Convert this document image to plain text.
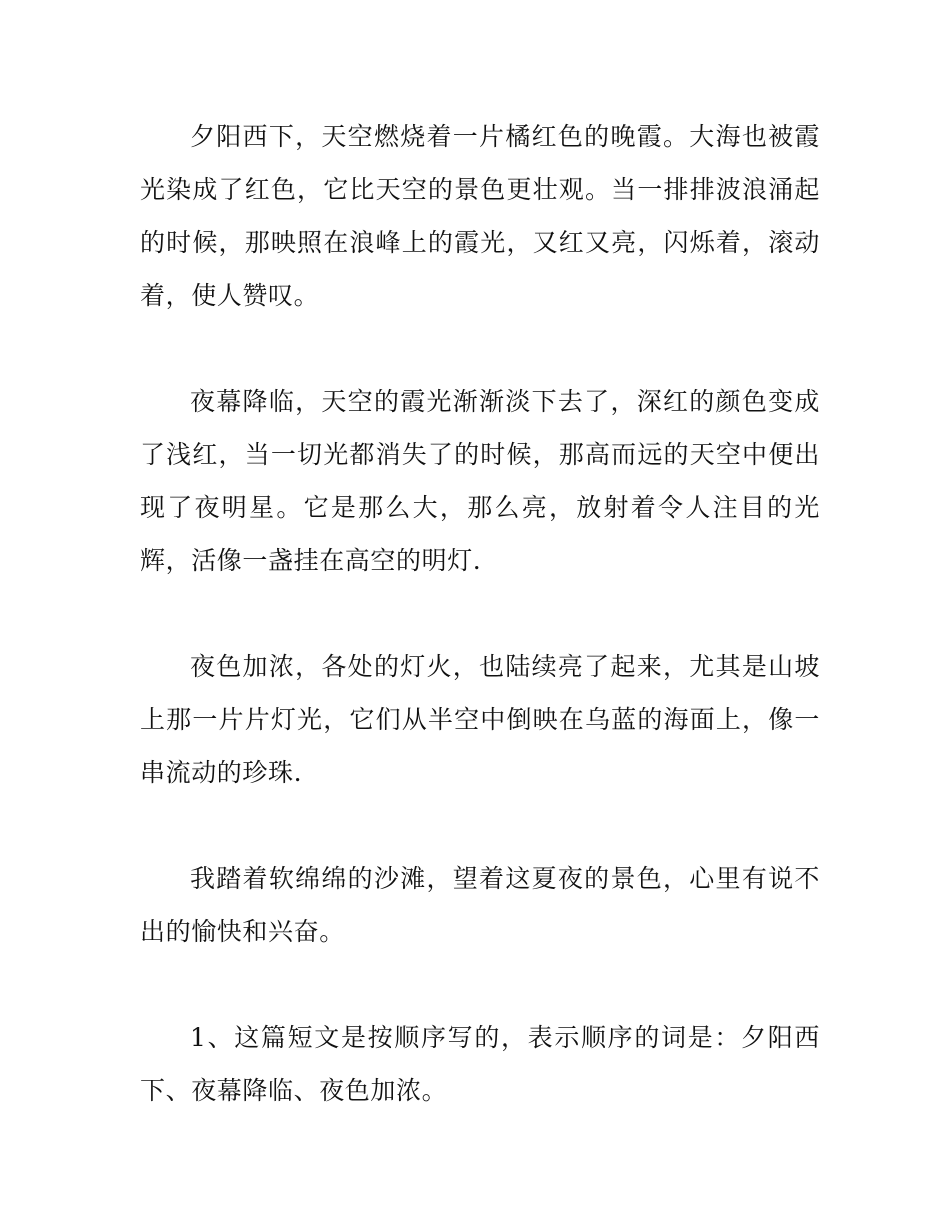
夕阳西下，天空燃烧着一片橘红色的晚霞。大海也被霞光染成了红色，它比天空的景色更壮观。当一排排波浪涌起的时候，那映照在浪峰上的霞光，又红又亮，闪烁着，滚动着，使人赞叹。

夜幕降临，天空的霞光渐渐淡下去了，深红的颜色变成了浅红，当一切光都消失了的时候，那高而远的天空中便出现了夜明星。它是那么大，那么亮，放射着令人注目的光辉，活像一盏挂在高空的明灯.

夜色加浓，各处的灯火，也陆续亮了起来，尤其是山坡上那一片片灯光，它们从半空中倒映在乌蓝的海面上，像一串流动的珍珠.

我踏着软绵绵的沙滩，望着这夏夜的景色，心里有说不出的愉快和兴奋。

1、这篇短文是按顺序写的，表示顺序的词是：夕阳西下、夜幕降临、夜色加浓。
